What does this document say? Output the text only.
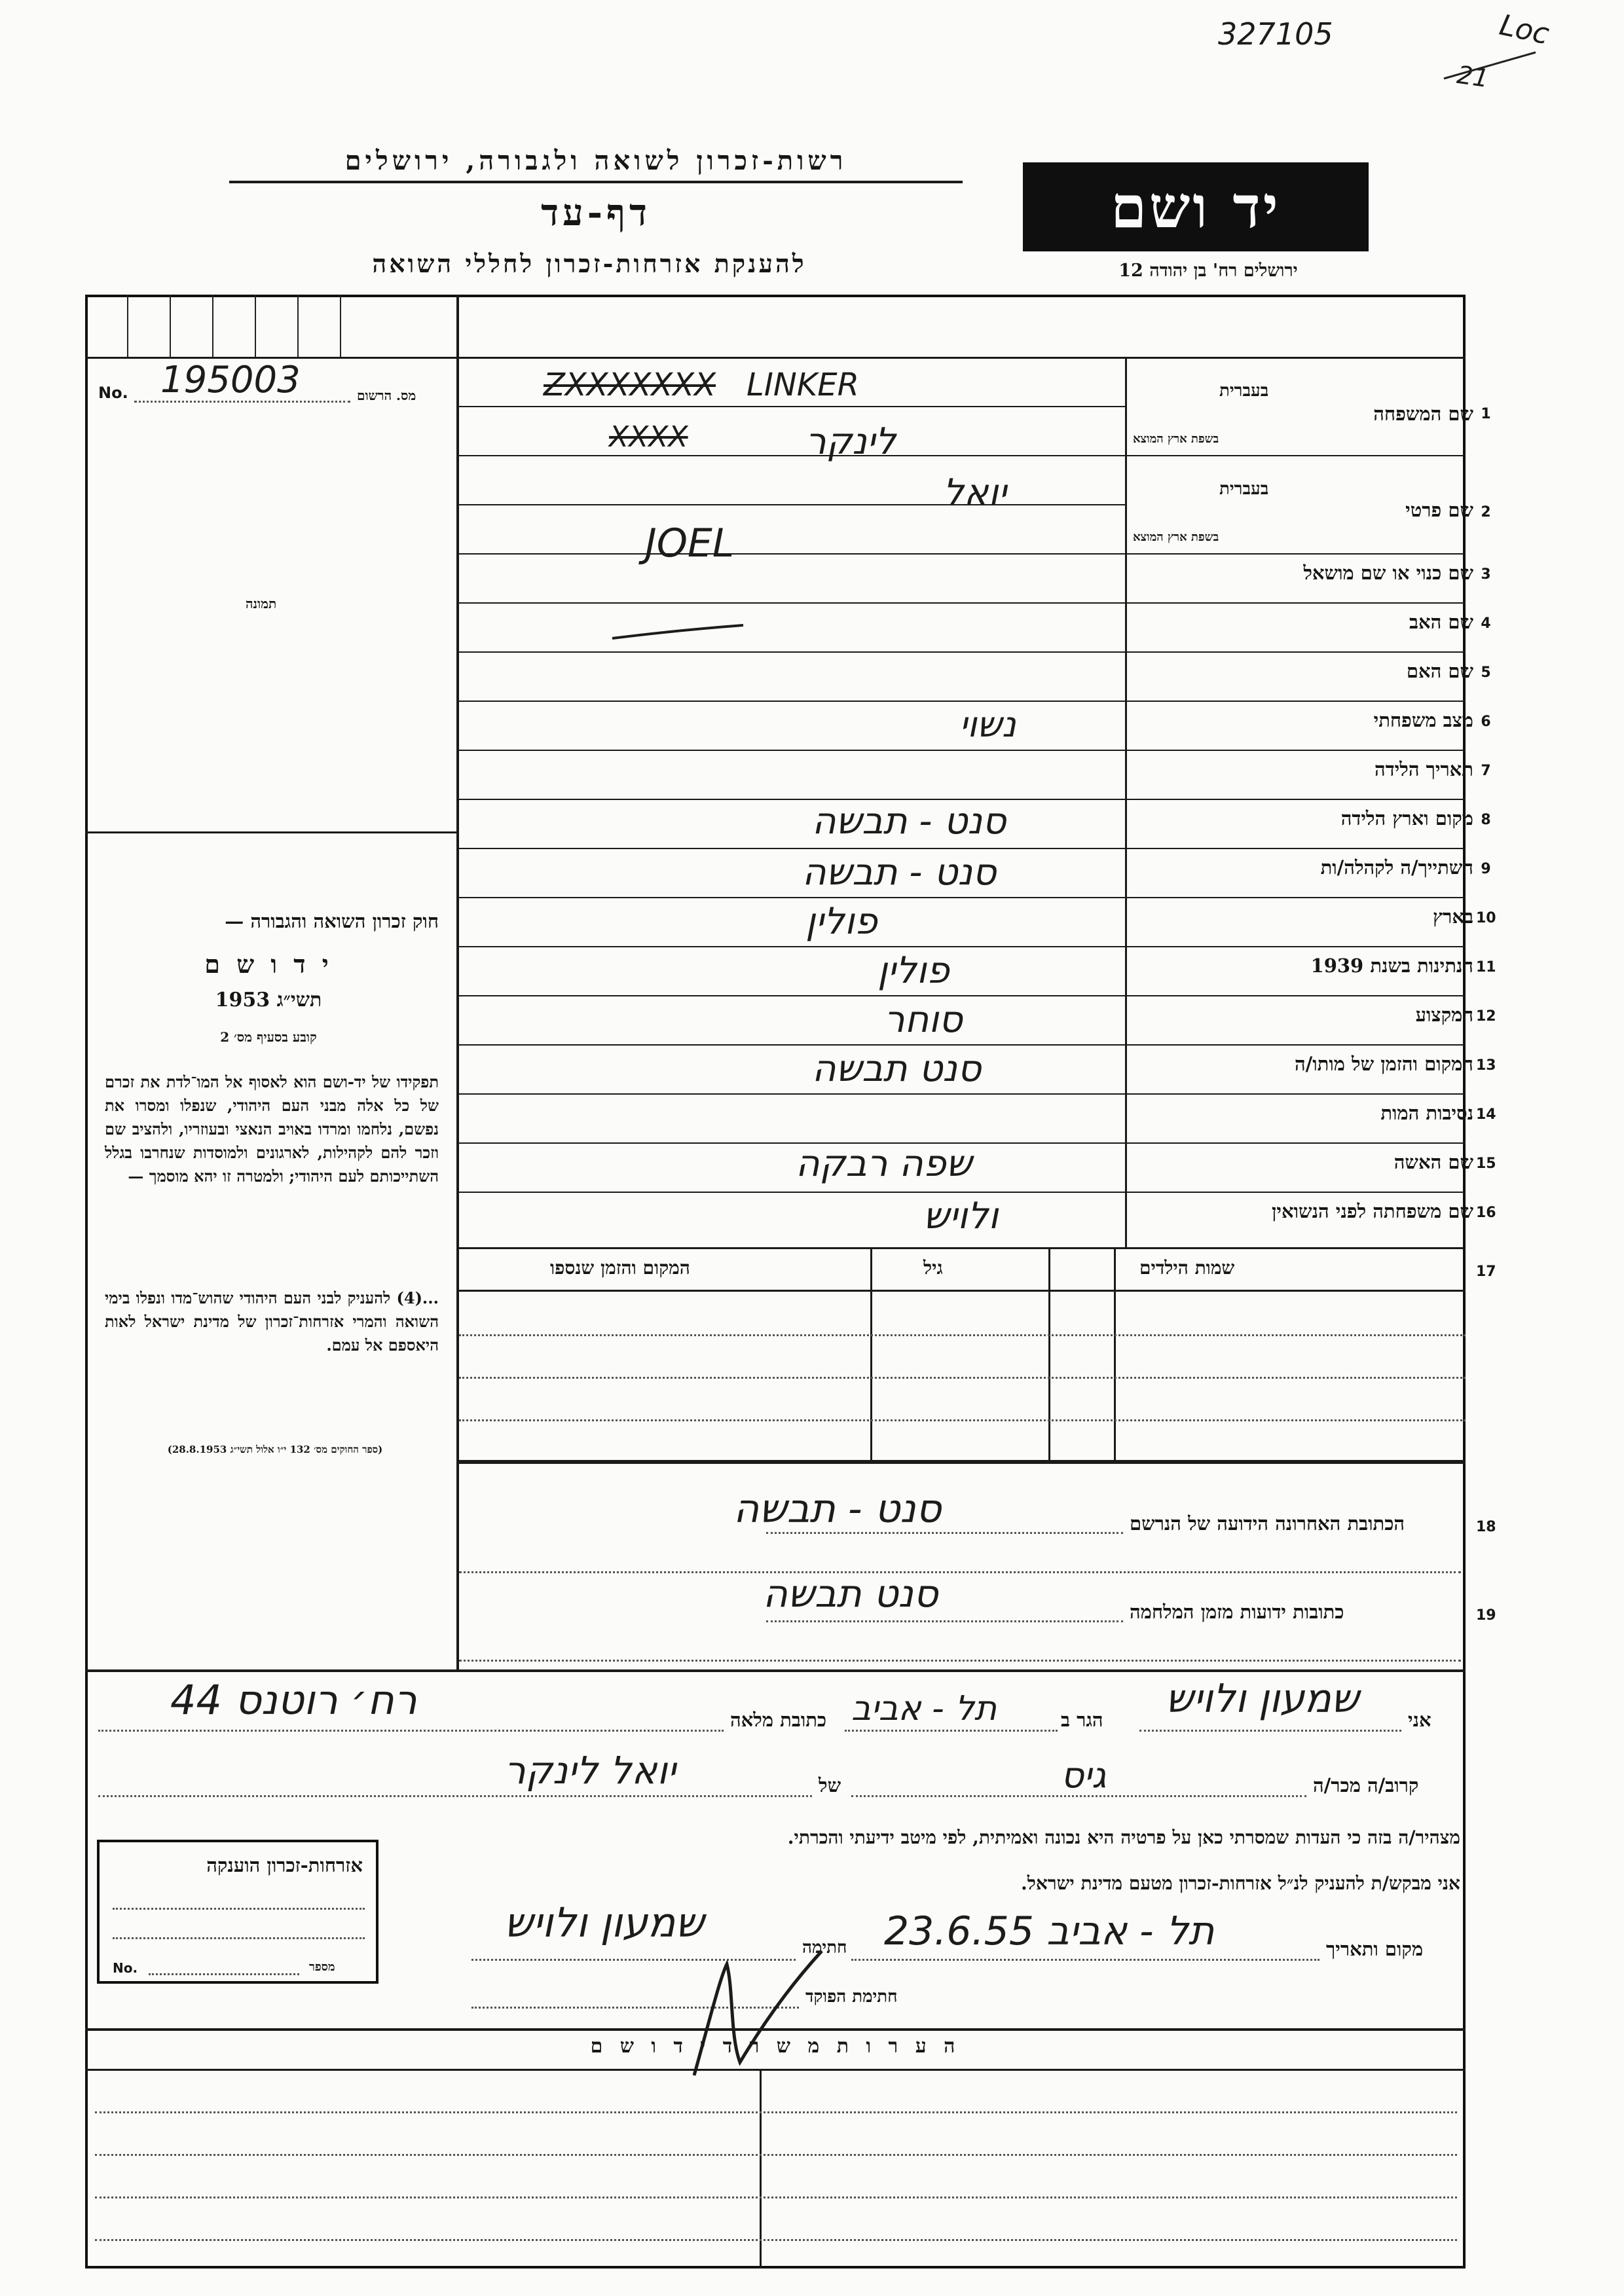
327105	Loc
21
רשות-זכרון לשואה ולגבורה, ירושלים
דף-עד
להענקת אזרחות-זכרון לחללי השואה
יד ושם
ירושלים רח' בן יהודה 12
No. 195003	מס. הרשום
תמונה
חוק זכרון השואה והגבורה —
י ד ו ש ם
תשי״ג 1953
קובע בסעיף מס׳ 2
תפקידו של יד-ושם הוא לאסוף אל המו־לדת את זכרם של כל אלה מבני העם היהודי, שנפלו ומסרו את נפשם, נלחמו ומרדו באויב הנאצי ובעוזריו, ולהציב שם וזכר להם לקהילות, לארגונים ולמוסדות שנחרבו בגלל השתייכותם לעם היהודי; ולמטרה זו יהא מוסמך —
...(4) להעניק לבני העם היהודי שהוש־מדו ונפלו בימי השואה והמרי אזרחות־זכרון של מדינת ישראל לאות היאספם אל עמם.
(ספר החוקים מס׳ 132 י״ו אלול תשי״ג 28.8.1953)
1
שם המשפחה
בעברית
בשפת ארץ המוצא
ZXXXXXXX LINKER
XXXX	לינקר
2
שם פרטי
בעברית
בשפת ארץ המוצא
יואל
JOEL
3
שם כנוי או שם מושאל
4
שם האב
5
שם האם
6
מצב משפחתי
נשוי
7
תאריך הלידה
8
מקום וארץ הלידה
סנט - תבשה
9
השתייך/ה לקהלה/ות
סנט - תבשה
10
בארץ
פולין
11
הנתינות בשנת 1939
פולין
12
המקצוע
סוחר
13
המקום והזמן של מותו/ה
סנט תבשה
14
נסיבות המות
15
שם האשה
שפה רבקה
16
שם משפחתה לפני הנשואין
ולויש
17
שמות הילדים
גיל
המקום והזמן שנספו
18
הכתובת האחרונה הידועה של הנרשם
סנט - תבשה
19
כתובות ידועות מזמן המלחמה
סנט תבשה
אני
שמעון ולויש
הגר ב
תל - אביב
כתובת מלאה
רח׳ רוטנס 44
קרוב/ה מכר/ה
גיס
של
יואל לינקר
מצהיר/ה בזה כי העדות שמסרתי כאן על פרטיה היא נכונה ואמיתית, לפי מיטב ידיעתי והכרתי.
אני מבקש/ת להעניק לנ״ל אזרחות-זכרון מטעם מדינת ישראל.
מקום ותאריך
תל - אביב 23.6.55
חתימה
שמעון ולויש
חתימת הפוקד
אזרחות-זכרון הוענקה
No.	מספר
ה ע ר ו ת מ ש ר ד י ד ו ש ם
